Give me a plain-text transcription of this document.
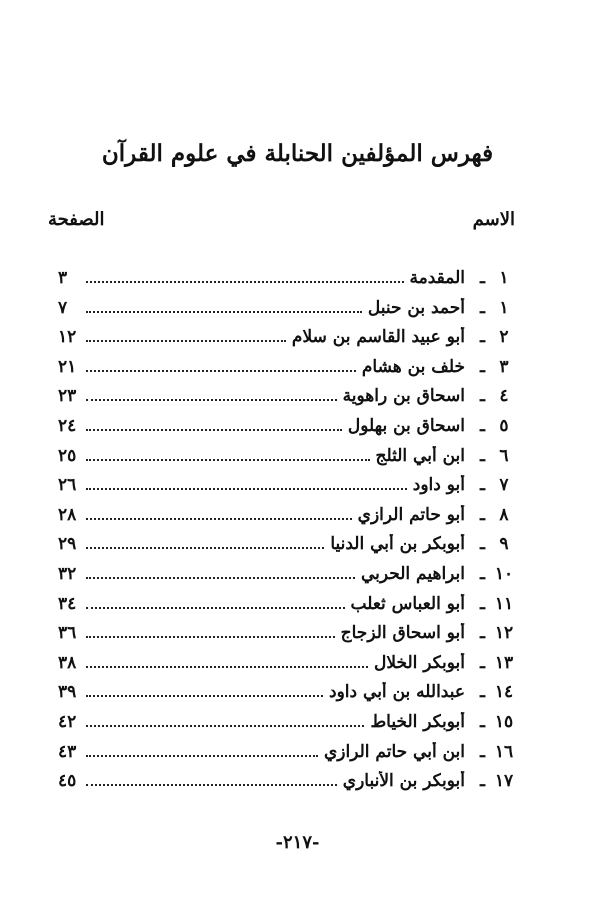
فهرس المؤلفين الحنابلة في علوم القرآن
الاسم
الصفحة
١
ـ
المقدمة
٣
١
ـ
أحمد بن حنبل
٧
٢
ـ
أبو عبيد القاسم بن سلام
١٢
٣
ـ
خلف بن هشام
٢١
٤
ـ
اسحاق بن راهوية
٢٣
٥
ـ
اسحاق بن بهلول
٢٤
٦
ـ
ابن أبي الثلج
٢٥
٧
ـ
أبو داود
٢٦
٨
ـ
أبو حاتم الرازي
٢٨
٩
ـ
أبوبكر بن أبي الدنيا
٢٩
١٠
ـ
ابراهيم الحربي
٣٢
١١
ـ
أبو العباس ثعلب
٣٤
١٢
ـ
أبو اسحاق الزجاج
٣٦
١٣
ـ
أبوبكر الخلال
٣٨
١٤
ـ
عبدالله بن أبي داود
٣٩
١٥
ـ
أبوبكر الخياط
٤٢
١٦
ـ
ابن أبي حاتم الرازي
٤٣
١٧
ـ
أبوبكر بن الأنباري
٤٥
-٢١٧-
